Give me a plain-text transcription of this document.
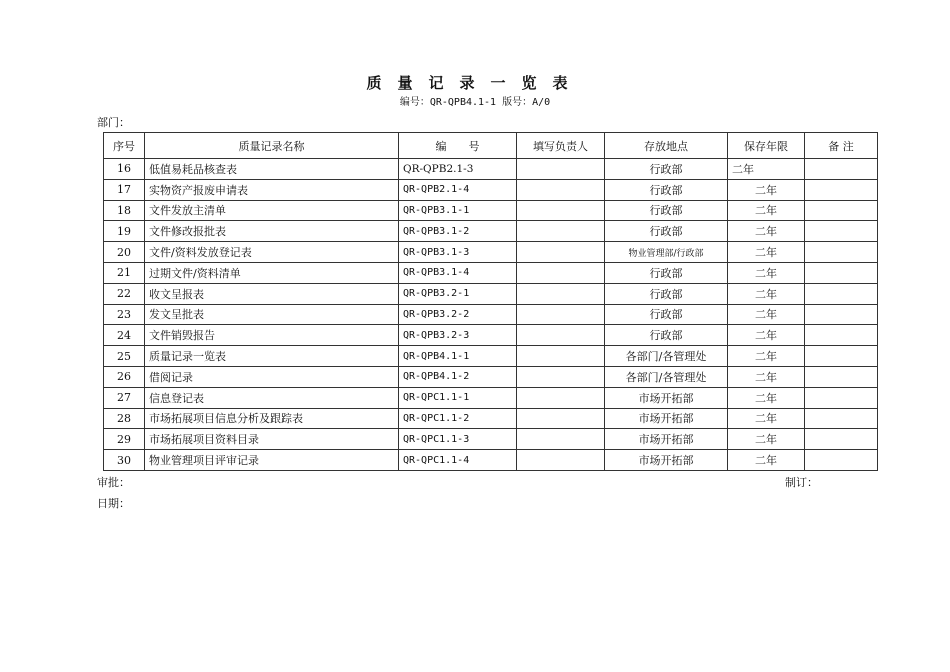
质量记录一览表
编号：QR-QPB4.1-1 版号：A/0
部门：
序号	质量记录名称	编　　号	填写负责人	存放地点	保存年限	备 注
16	低值易耗品核查表	QR-QPB2.1-3		行政部	二年	
17	实物资产报废申请表	QR-QPB2.1-4		行政部	二年	
18	文件发放主清单	QR-QPB3.1-1		行政部	二年	
19	文件修改报批表	QR-QPB3.1-2		行政部	二年	
20	文件/资料发放登记表	QR-QPB3.1-3		物业管理部/行政部	二年	
21	过期文件/资料清单	QR-QPB3.1-4		行政部	二年	
22	收文呈报表	QR-QPB3.2-1		行政部	二年	
23	发文呈批表	QR-QPB3.2-2		行政部	二年	
24	文件销毁报告	QR-QPB3.2-3		行政部	二年	
25	质量记录一览表	QR-QPB4.1-1		各部门/各管理处	二年	
26	借阅记录	QR-QPB4.1-2		各部门/各管理处	二年	
27	信息登记表	QR-QPC1.1-1		市场开拓部	二年	
28	市场拓展项目信息分析及跟踪表	QR-QPC1.1-2		市场开拓部	二年	
29	市场拓展项目资料目录	QR-QPC1.1-3		市场开拓部	二年	
30	物业管理项目评审记录	QR-QPC1.1-4		市场开拓部	二年	
审批：	制订：
日期：
